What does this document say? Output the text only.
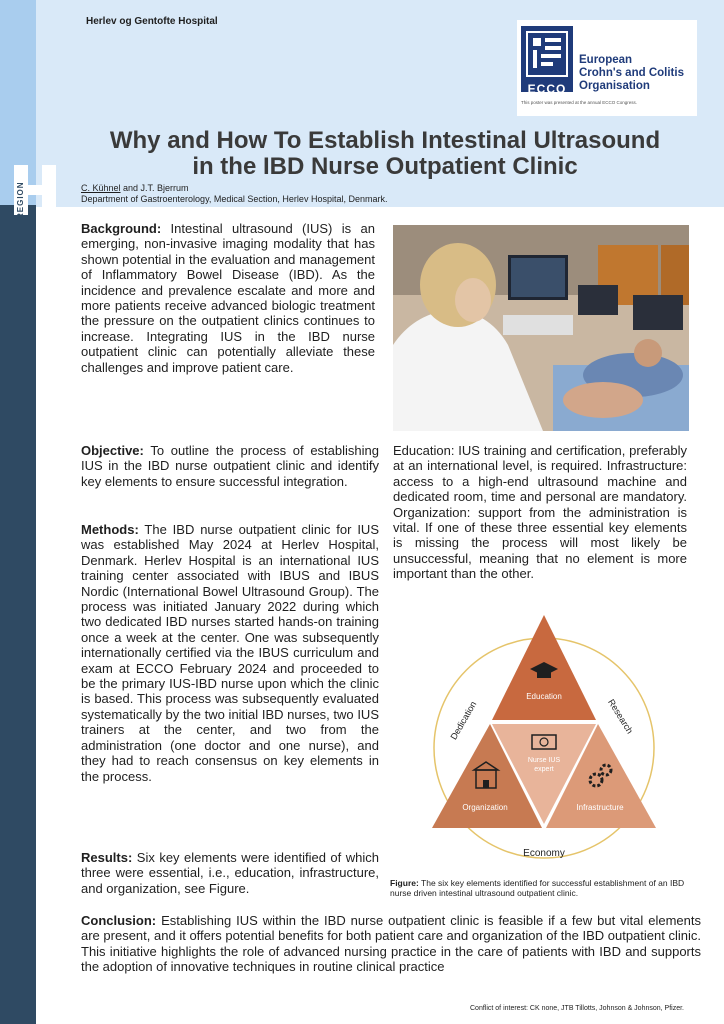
REGION
Herlev og Gentofte Hospital
ECCO
European
Crohn's and Colitis
Organisation
This poster was presented at the annual ECCO Congress.
Why and How To Establish Intestinal Ultrasound
in the IBD Nurse Outpatient Clinic
C. Kühnel and J.T. Bjerrum
Department of Gastroenterology, Medical Section, Herlev Hospital, Denmark.
Background: Intestinal ultrasound (IUS) is an emerging, non-invasive imaging modality that has shown potential in the evaluation and management of Inflammatory Bowel Disease (IBD). As the incidence and prevalence escalate and more and more patients receive advanced biologic treatment the pressure on the outpatient clinics continues to increase. Integrating IUS in the IBD nurse outpatient clinic can potentially alleviate these challenges and improve patient care.
Objective: To outline the process of establishing IUS in the IBD nurse outpatient clinic and identify key elements to ensure successful integration.
Methods: The IBD nurse outpatient clinic for IUS was established May 2024 at Herlev Hospital, Denmark. Herlev Hospital is an international IUS training center associated with IBUS and IBUS Nordic (International Bowel Ultrasound Group). The process was initiated January 2022 during which two dedicated IBD nurses started hands-on training once a week at the center. One was subsequently internationally certified via the IBUS curriculum and exam at ECCO February 2024 and proceeded to be the primary IUS-IBD nurse upon which the clinic is based. This process was subsequently evaluated systematically by the two initial IBD nurses, two IUS trainers at the center, and two from the administration (one doctor and one nurse), and they had to reach consensus on key elements in the process.
Results: Six key elements were identified of which three were essential, i.e., education, infrastructure, and organization, see Figure.
Education: IUS training and certification, preferably at an international level, is required. Infrastructure: access to a high-end ultrasound machine and dedicated room, time and personal are mandatory. Organization: support from the administration is vital. If one of these three essential key elements is missing the process will most likely be unsuccessful, meaning that no element is more important than the other.
Education
Nurse IUS
expert
Organization	Infrastructure
Dedication	Research
Economy
Figure: The six key elements identified for successful establishment of an IBD nurse driven intestinal ultrasound outpatient clinic.
Conclusion: Establishing IUS within the IBD nurse outpatient clinic is feasible if a few but vital elements are present, and it offers potential benefits for both patient care and organization of the IBD outpatient clinic. This initiative highlights the role of advanced nursing practice in the care of patients with IBD and supports the adoption of innovative techniques in routine clinical practice
Conflict of interest: CK none, JTB Tillotts, Johnson & Johnson, Pfizer.
